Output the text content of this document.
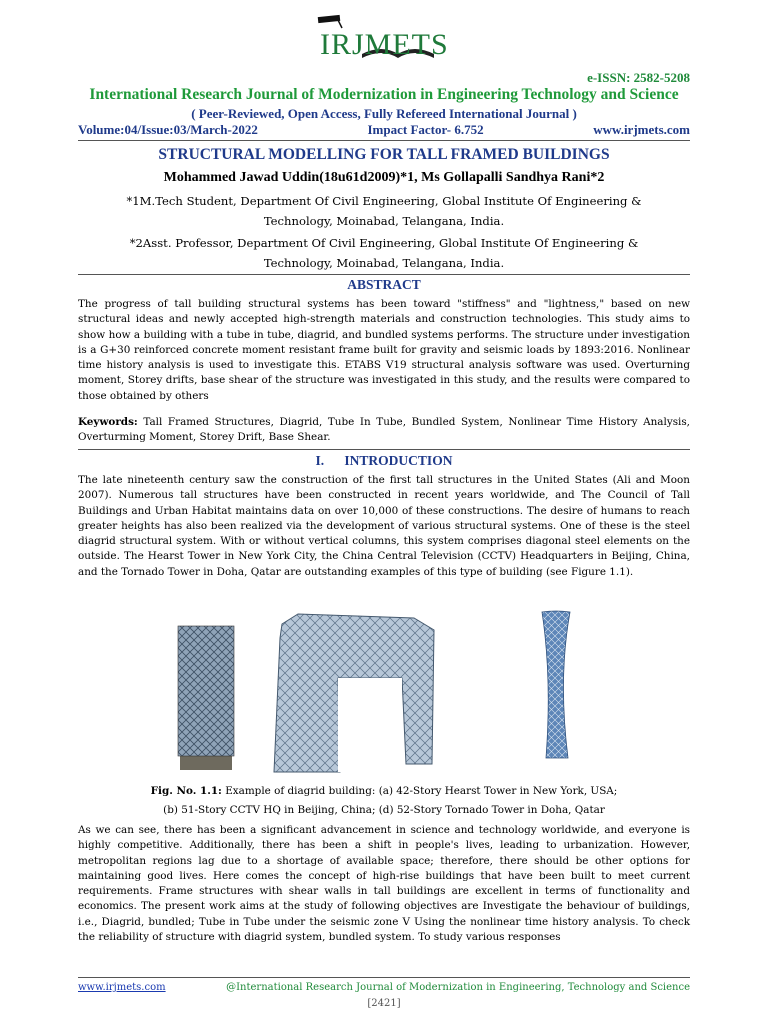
IRJMETS
e-ISSN: 2582-5208
International Research Journal of Modernization in Engineering Technology and Science
( Peer-Reviewed, Open Access, Fully Refereed International Journal )
Volume:04/Issue:03/March-2022	Impact Factor- 6.752	www.irjmets.com
STRUCTURAL MODELLING FOR TALL FRAMED BUILDINGS
Mohammed Jawad Uddin(18u61d2009)*1, Ms Gollapalli Sandhya Rani*2
*1M.Tech Student, Department Of Civil Engineering, Global Institute Of Engineering & Technology, Moinabad, Telangana, India.
*2Asst. Professor, Department Of Civil Engineering, Global Institute Of Engineering & Technology, Moinabad, Telangana, India.
ABSTRACT
The progress of tall building structural systems has been toward "stiffness" and "lightness," based on new structural ideas and newly accepted high-strength materials and construction technologies. This study aims to show how a building with a tube in tube, diagrid, and bundled systems performs. The structure under investigation is a G+30 reinforced concrete moment resistant frame built for gravity and seismic loads by 1893:2016. Nonlinear time history analysis is used to investigate this. ETABS V19 structural analysis software was used. Overturning moment, Storey drifts, base shear of the structure was investigated in this study, and the results were compared to those obtained by others
Keywords: Tall Framed Structures, Diagrid, Tube In Tube, Bundled System, Nonlinear Time History Analysis, Overturming Moment, Storey Drift, Base Shear.
I.      INTRODUCTION
The late nineteenth century saw the construction of the first tall structures in the United States (Ali and Moon 2007). Numerous tall structures have been constructed in recent years worldwide, and The Council of Tall Buildings and Urban Habitat maintains data on over 10,000 of these constructions. The desire of humans to reach greater heights has also been realized via the development of various structural systems. One of these is the steel diagrid structural system. With or without vertical columns, this system comprises diagonal steel elements on the outside. The Hearst Tower in New York City, the China Central Television (CCTV) Headquarters in Beijing, China, and the Tornado Tower in Doha, Qatar are outstanding examples of this type of building (see Figure 1.1).
Fig. No. 1.1: Example of diagrid building: (a) 42-Story Hearst Tower in New York, USA;
(b) 51-Story CCTV HQ in Beijing, China; (d) 52-Story Tornado Tower in Doha, Qatar
As we can see, there has been a significant advancement in science and technology worldwide, and everyone is highly competitive. Additionally, there has been a shift in people's lives, leading to urbanization. However, metropolitan regions lag due to a shortage of available space; therefore, there should be other options for maintaining good lives. Here comes the concept of high-rise buildings that have been built to meet current requirements. Frame structures with shear walls in tall buildings are excellent in terms of functionality and economics. The present work aims at the study of following objectives are Investigate the behaviour of buildings, i.e., Diagrid, bundled; Tube in Tube under the seismic zone V Using the nonlinear time history analysis. To check the reliability of structure with diagrid system, bundled system. To study various responses
www.irjmets.com	@International Research Journal of Modernization in Engineering, Technology and Science
[2421]
